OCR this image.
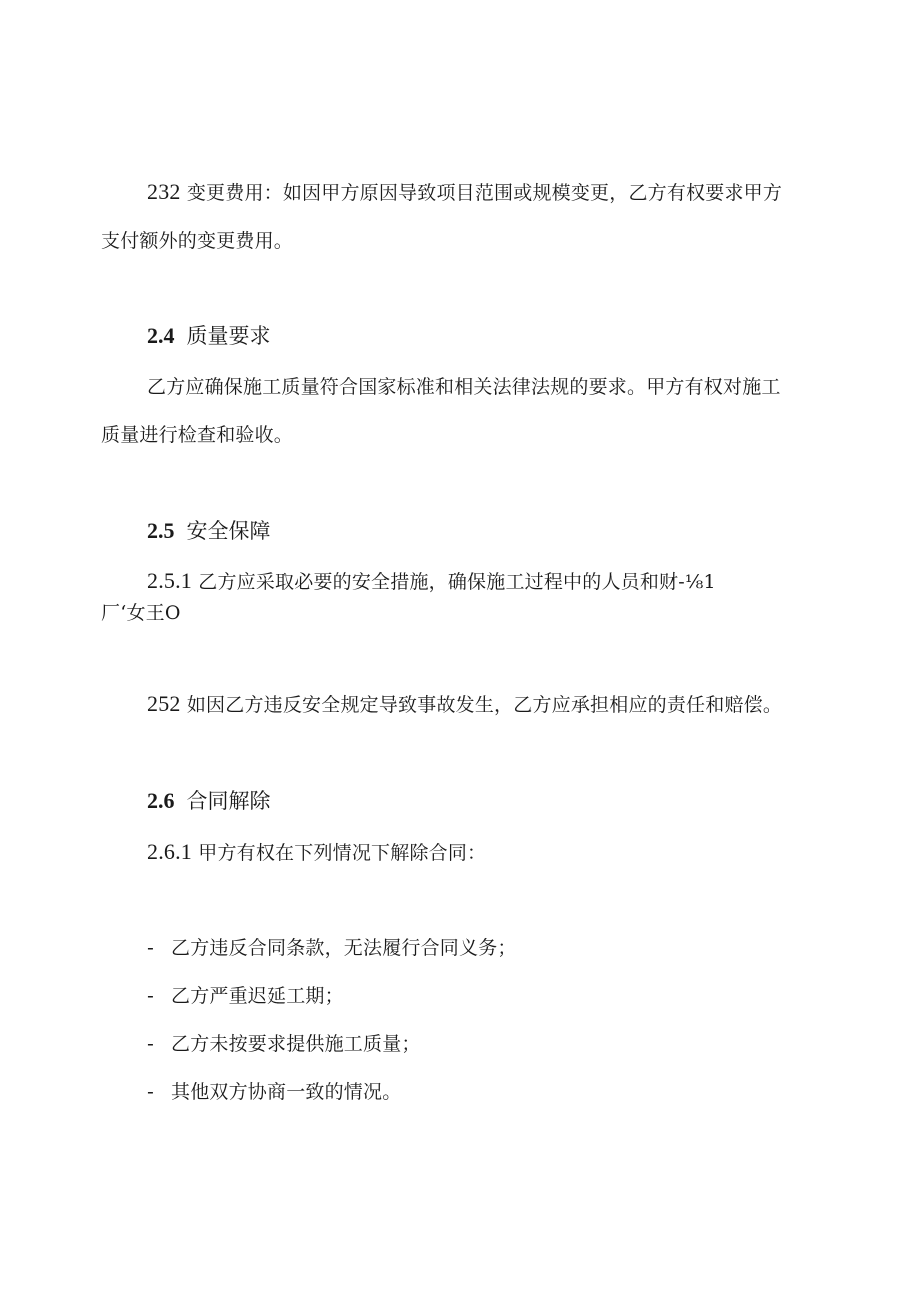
232 变更费用：如因甲方原因导致项目范围或规模变更，乙方有权要求甲方
支付额外的变更费用。
2.4 质量要求
乙方应确保施工质量符合国家标准和相关法律法规的要求。甲方有权对施工
质量进行检查和验收。
2.5 安全保障
2.5.1 乙方应采取必要的安全措施，确保施工过程中的人员和财-⅛1
厂‘女王O
252 如因乙方违反安全规定导致事故发生，乙方应承担相应的责任和赔偿。
2.6 合同解除
2.6.1 甲方有权在下列情况下解除合同：
- 乙方违反合同条款，无法履行合同义务；
- 乙方严重迟延工期；
- 乙方未按要求提供施工质量；
- 其他双方协商一致的情况。
